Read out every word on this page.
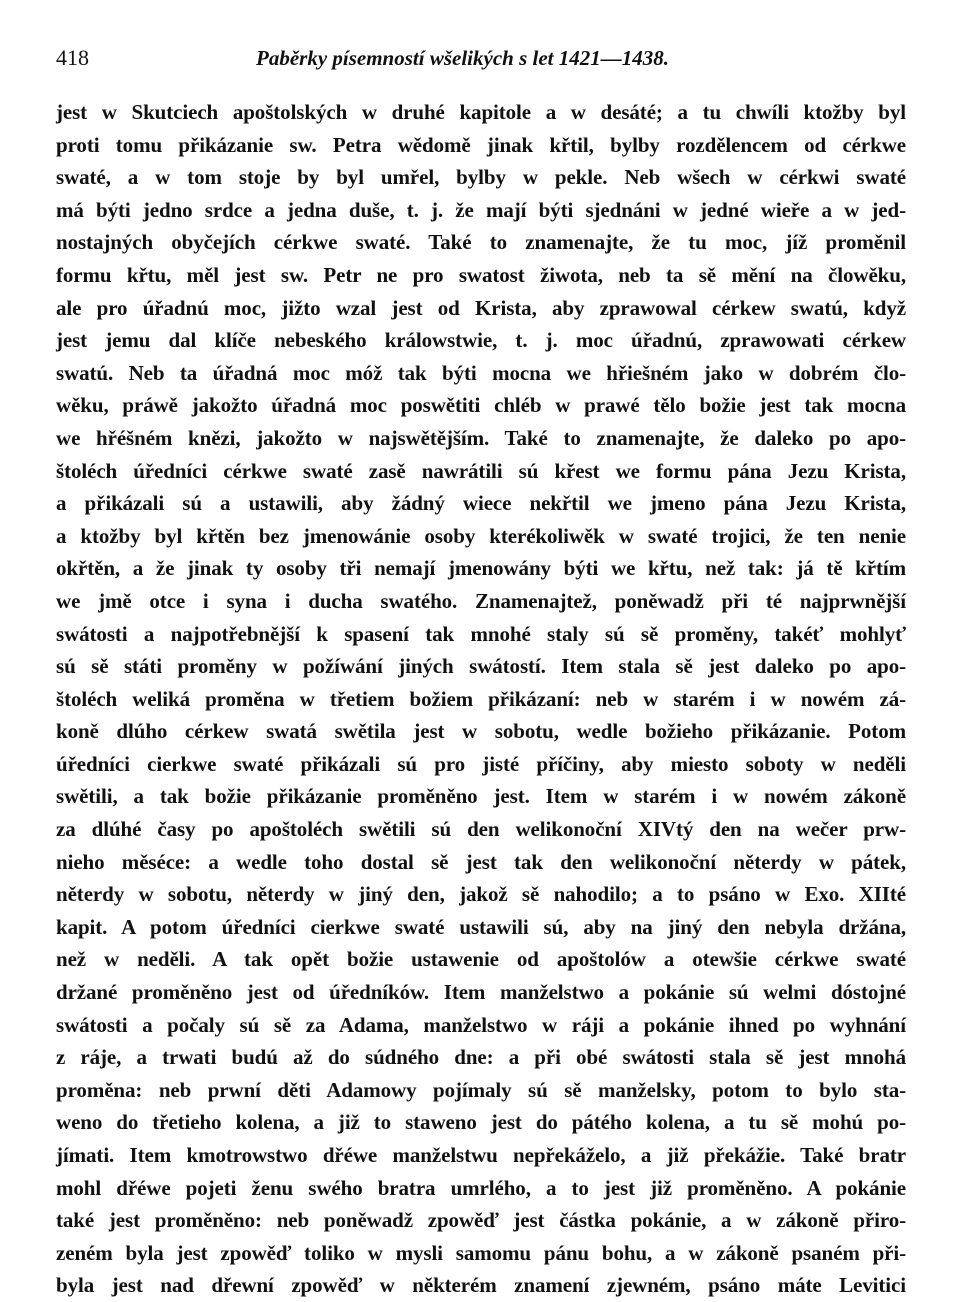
418	Paběrky písemností wšelikých s let 1421—1438.
jest w Skutciech apoštolských w druhé kapitole a w desáté; a tu chwíli ktožby byl
proti tomu přikázanie sw. Petra wědomě jinak křtil, bylby rozdělencem od cérkwe
swaté, a w tom stoje by byl umřel, bylby w pekle. Neb wšech w cérkwi swaté
má býti jedno srdce a jedna duše, t. j. že mají býti sjednáni w jedné wieře a w jed-
nostajných obyčejích cérkwe swaté. Také to znamenajte, že tu moc, jíž proměnil
formu křtu, měl jest sw. Petr ne pro swatost žiwota, neb ta sě mění na člowěku,
ale pro úřadnú moc, jižto wzal jest od Krista, aby zprawowal cérkew swatú, když
jest jemu dal klíče nebeského králowstwie, t. j. moc úřadnú, zprawowati cérkew
swatú. Neb ta úřadná moc móž tak býti mocna we hřiešném jako w dobrém člo-
wěku, práwě jakožto úřadná moc poswětiti chléb w prawé tělo božie jest tak mocna
we hřéšném knězi, jakožto w najswětějším. Také to znamenajte, že daleko po apo-
štoléch úředníci cérkwe swaté zasě nawrátili sú křest we formu pána Jezu Krista,
a přikázali sú a ustawili, aby žádný wiece nekřtil we jmeno pána Jezu Krista,
a ktožby byl křtěn bez jmenowánie osoby kterékoliwěk w swaté trojici, že ten nenie
okřtěn, a že jinak ty osoby tři nemají jmenowány býti we křtu, než tak: já tě křtím
we jmě otce i syna i ducha swatého. Znamenajtež, poněwadž při té najprwnější
swátosti a najpotřebnější k spasení tak mnohé staly sú sě proměny, takéť mohlyť
sú sě státi proměny w požíwání jiných swátostí. Item stala sě jest daleko po apo-
štoléch weliká proměna w třetiem božiem přikázaní: neb w starém i w nowém zá-
koně dlúho cérkew swatá swětila jest w sobotu, wedle božieho přikázanie. Potom
úředníci cierkwe swaté přikázali sú pro jisté příčiny, aby miesto soboty w neděli
swětili, a tak božie přikázanie proměněno jest. Item w starém i w nowém zákoně
za dlúhé časy po apoštoléch swětili sú den welikonoční XIVtý den na wečer prw-
nieho měséce: a wedle toho dostal sě jest tak den welikonoční něterdy w pátek,
něterdy w sobotu, něterdy w jiný den, jakož sě nahodilo; a to psáno w Exo. XIIté
kapit. A potom úředníci cierkwe swaté ustawili sú, aby na jiný den nebyla držána,
než w neděli. A tak opět božie ustawenie od apoštolów a otewšie cérkwe swaté
držané proměněno jest od úředníków. Item manželstwo a pokánie sú welmi dóstojné
swátosti a počaly sú sě za Adama, manželstwo w ráji a pokánie ihned po wyhnání
z ráje, a trwati budú až do súdného dne: a při obé swátosti stala sě jest mnohá
proměna: neb prwní děti Adamowy pojímaly sú sě manželsky, potom to bylo sta-
weno do třetieho kolena, a již to staweno jest do pátého kolena, a tu sě mohú po-
jímati. Item kmotrowstwo dřéwe manželstwu nepřekáželo, a již překážie. Také bratr
mohl dřéwe pojeti ženu swého bratra umrlého, a to jest již proměněno. A pokánie
také jest proměněno: neb poněwadž zpowěď jest částka pokánie, a w zákoně přiro-
zeném byla jest zpowěď toliko w mysli samomu pánu bohu, a w zákoně psaném při-
byla jest nad dřewní zpowěď w některém znamení zjewném, psáno máte Levitici
